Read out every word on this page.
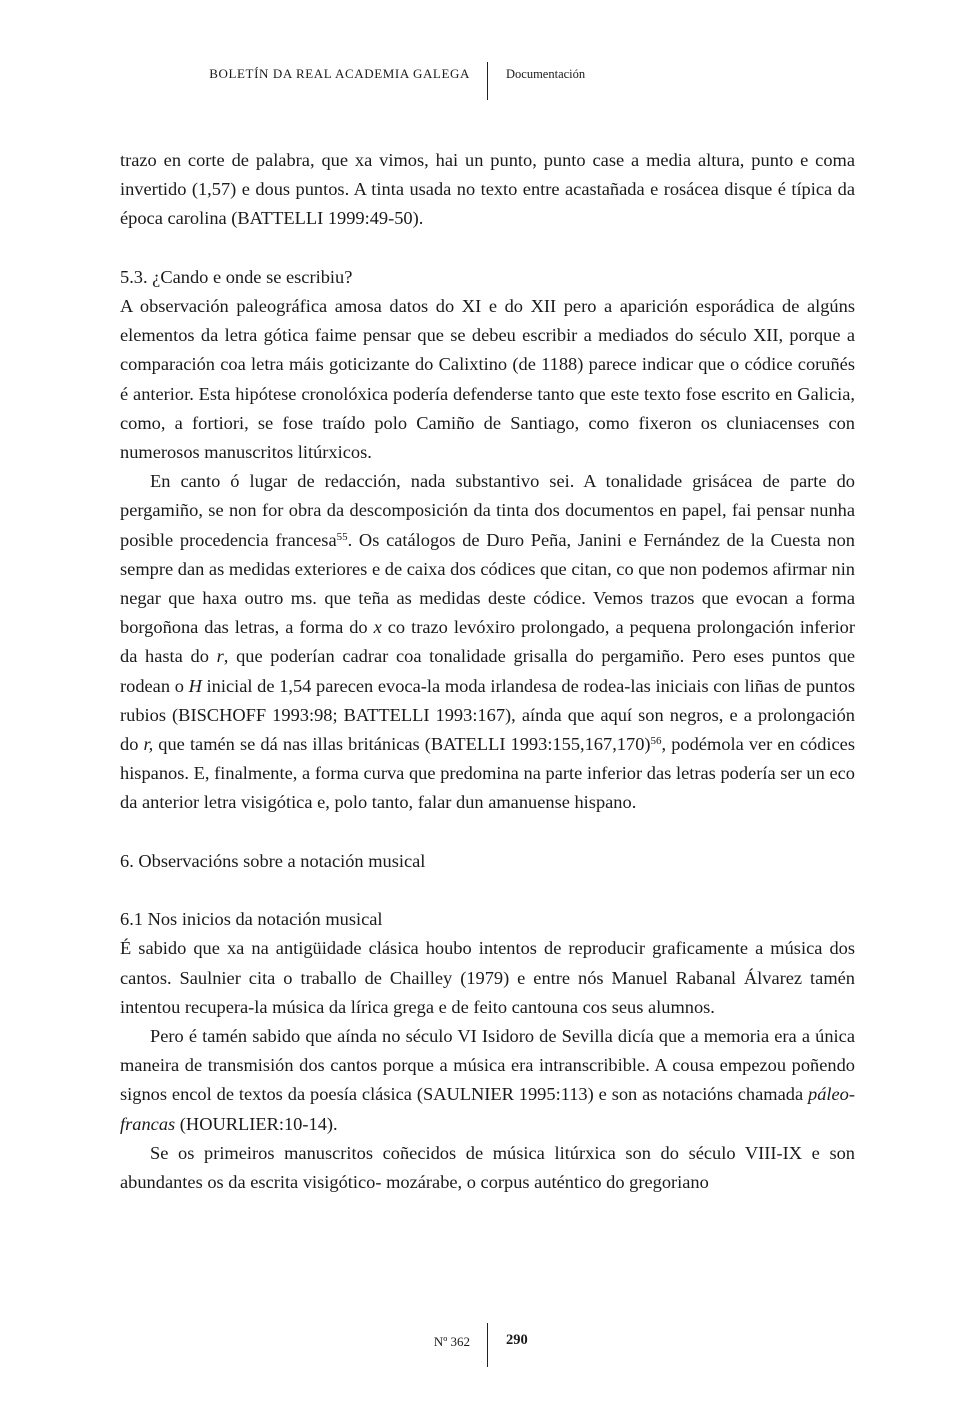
BOLETÍN DA REAL ACADEMIA GALEGA	Documentación

trazo en corte de palabra, que xa vimos, hai un punto, punto case a media altura, punto e coma invertido (1,57) e dous puntos. A tinta usada no texto entre acastañada e rosácea disque é típica da época carolina (BATTELLI 1999:49-50).

5.3. ¿Cando e onde se escribiu?

A observación paleográfica amosa datos do XI e do XII pero a aparición esporádica de algúns elementos da letra gótica faime pensar que se debeu escribir a mediados do século XII, porque a comparación coa letra máis goticizante do Calixtino (de 1188) parece indicar que o códice coruñés é anterior. Esta hipótese cronolóxica podería defenderse tanto que este texto fose escrito en Galicia, como, a fortiori, se fose traído polo Camiño de Santiago, como fixeron os cluniacenses con numerosos manuscritos litúrxicos.

En canto ó lugar de redacción, nada substantivo sei. A tonalidade grisácea de parte do pergamiño, se non for obra da descomposición da tinta dos documentos en papel, fai pensar nunha posible procedencia francesa$^{55}$. Os catálogos de Duro Peña, Janini e Fernández de la Cuesta non sempre dan as medidas exteriores e de caixa dos códices que citan, co que non podemos afirmar nin negar que haxa outro ms. que teña as medidas deste códice. Vemos trazos que evocan a forma borgoñona das letras, a forma do x co trazo levóxiro prolongado, a pequena prolongación inferior da hasta do r, que poderían cadrar coa tonalidade grisalla do pergamiño. Pero eses puntos que rodean o H inicial de 1,54 parecen evoca-la moda irlandesa de rodea-las iniciais con liñas de puntos rubios (BISCHOFF 1993:98; BATTELLI 1993:167), aínda que aquí son negros, e a prolongación do r, que tamén se dá nas illas británicas (BATELLI 1993:155,167,170)$^{56}$, podémola ver en códices hispanos. E, finalmente, a forma curva que predomina na parte inferior das letras podería ser un eco da anterior letra visigótica e, polo tanto, falar dun amanuense hispano.

6. Observacións sobre a notación musical
6.1 Nos inicios da notación musical

É sabido que xa na antigüidade clásica houbo intentos de reproducir graficamente a música dos cantos. Saulnier cita o traballo de Chailley (1979) e entre nós Manuel Rabanal Álvarez tamén intentou recupera-la música da lírica grega e de feito cantouna cos seus alumnos.

Pero é tamén sabido que aínda no século VI Isidoro de Sevilla dicía que a memoria era a única maneira de transmisión dos cantos porque a música era intranscribible. A cousa empezou poñendo signos encol de textos da poesía clásica (SAULNIER 1995:113) e son as notacións chamada páleo-francas (HOURLIER:10-14).

Se os primeiros manuscritos coñecidos de música litúrxica son do século VIII-IX e son abundantes os da escrita visigótico- mozárabe, o corpus auténtico do gregoriano

Nº 362 290
